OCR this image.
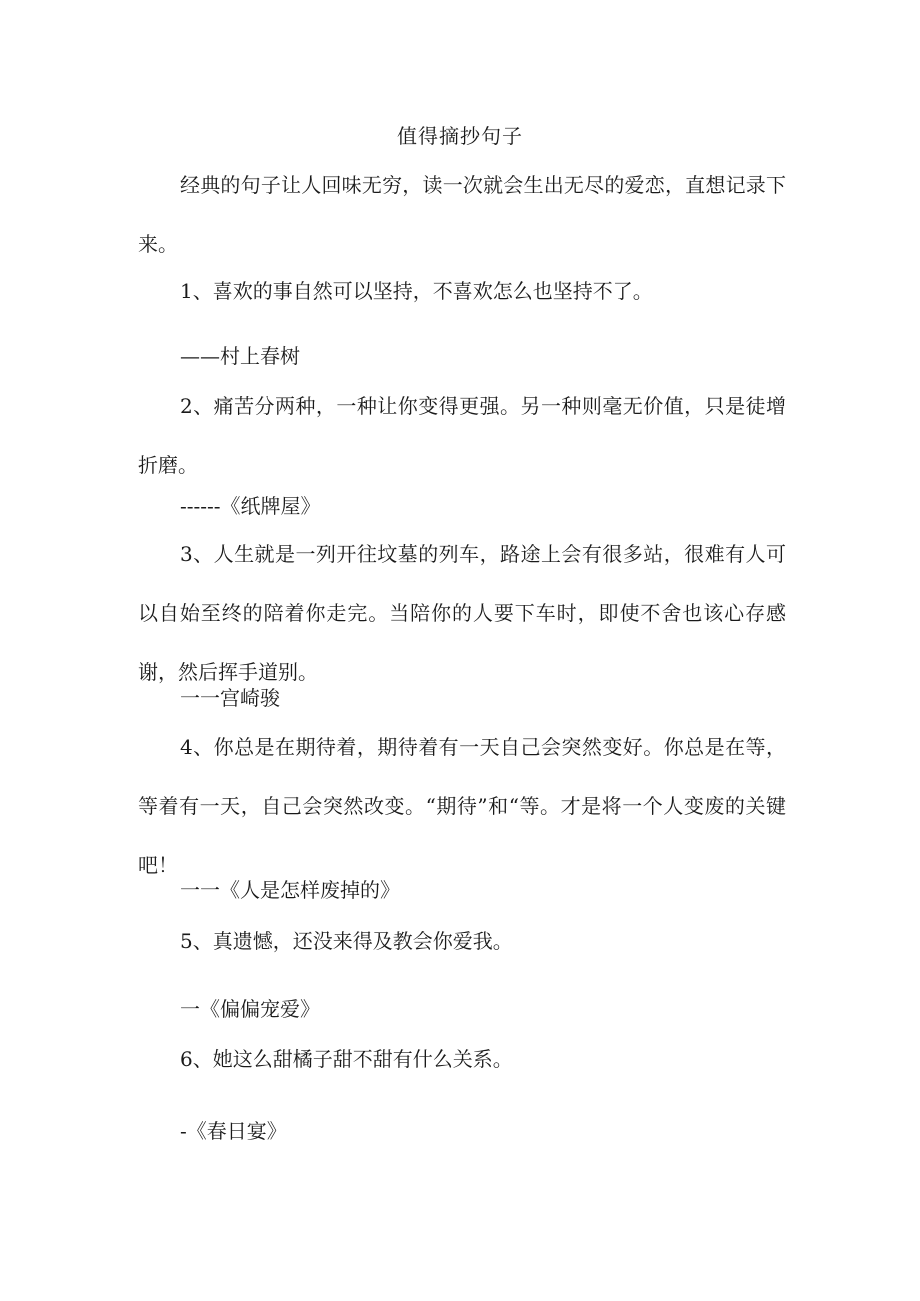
值得摘抄句子

经典的句子让人回味无穷，读一次就会生出无尽的爱恋，直想记录下来。

1、喜欢的事自然可以坚持，不喜欢怎么也坚持不了。

——村上春树

2、痛苦分两种，一种让你变得更强。另一种则毫无价值，只是徒增折磨。

------《纸牌屋》

3、人生就是一列开往坟墓的列车，路途上会有很多站，很难有人可以自始至终的陪着你走完。当陪你的人要下车时，即使不舍也该心存感谢，然后挥手道别。

一一宫崎骏

4、你总是在期待着，期待着有一天自己会突然变好。你总是在等，等着有一天，自己会突然改变。“期待”和“等。才是将一个人变废的关键吧！

一一《人是怎样废掉的》

5、真遗憾，还没来得及教会你爱我。

一《偏偏宠爱》

6、她这么甜橘子甜不甜有什么关系。

-《春日宴》
